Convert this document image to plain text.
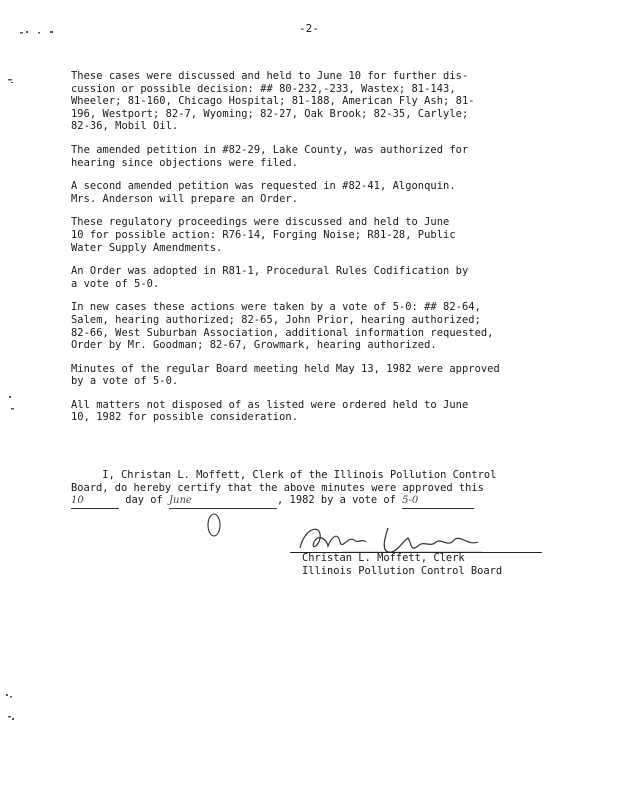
-2-

These cases were discussed and held to June 10 for further dis-
cussion or possible decision: ## 80-232,-233, Wastex; 81-143,
Wheeler; 81-160, Chicago Hospital; 81-188, American Fly Ash; 81-
196, Westport; 82-7, Wyoming; 82-27, Oak Brook; 82-35, Carlyle;
82-36, Mobil Oil.

The amended petition in #82-29, Lake County, was authorized for
hearing since objections were filed.

A second amended petition was requested in #82-41, Algonquin.
Mrs. Anderson will prepare an Order.

These regulatory proceedings were discussed and held to June
10 for possible action: R76-14, Forging Noise; R81-28, Public
Water Supply Amendments.

An Order was adopted in R81-1, Procedural Rules Codification by
a vote of 5-0.

In new cases these actions were taken by a vote of 5-0: ## 82-64,
Salem, hearing authorized; 82-65, John Prior, hearing authorized;
82-66, West Suburban Association, additional information requested,
Order by Mr. Goodman; 82-67, Growmark, hearing authorized.

Minutes of the regular Board meeting held May 13, 1982 were approved
by a vote of 5-0.

All matters not disposed of as listed were ordered held to June
10, 1982 for possible consideration.

I, Christan L. Moffett, Clerk of the Illinois Pollution Control
Board, do hereby certify that the above minutes were approved this
10	day of June	, 1982 by a vote of 5-0
Christan L. Moffett, Clerk
Illinois Pollution Control Board
